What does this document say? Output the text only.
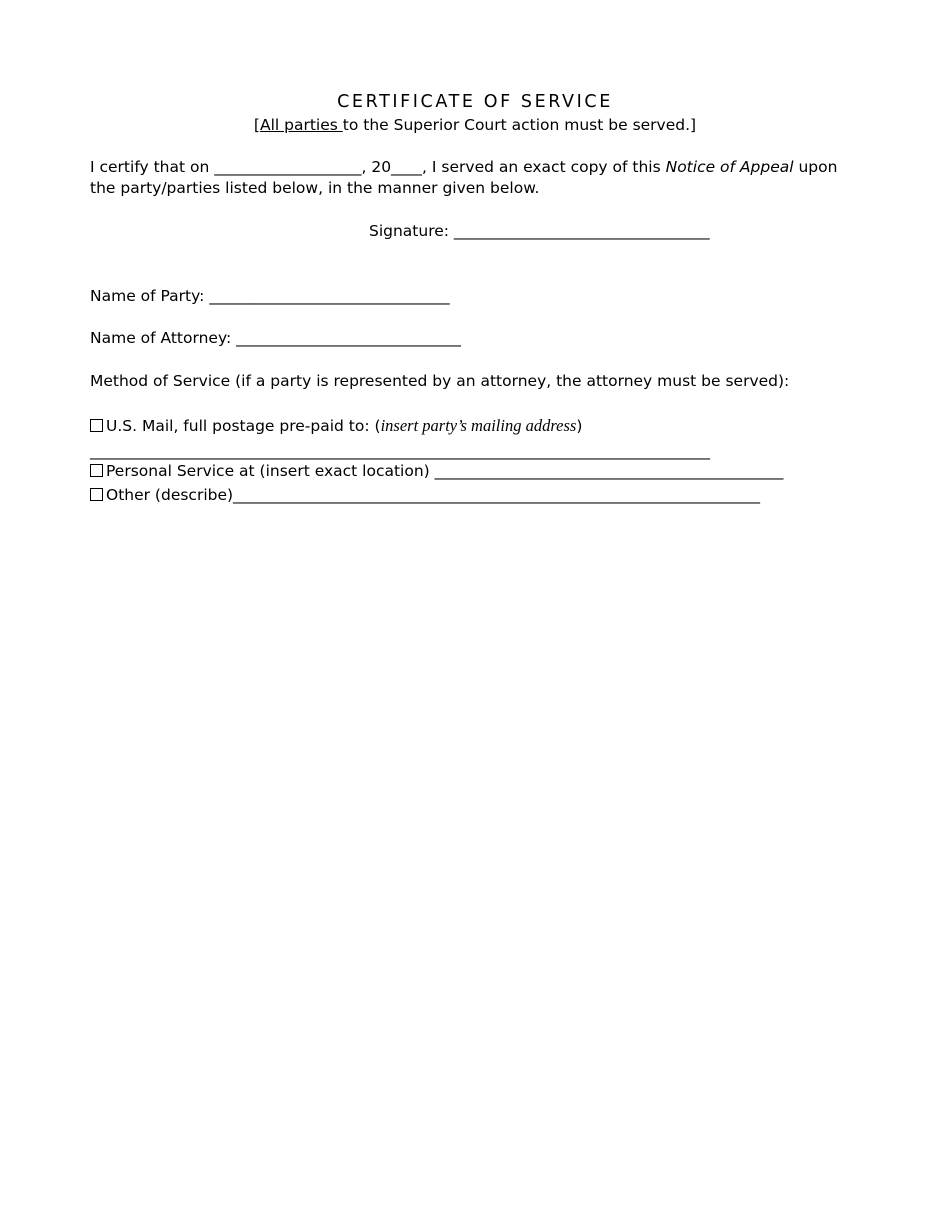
CERTIFICATE OF SERVICE
[All parties to the Superior Court action must be served.]
I certify that on ___________________, 20____, I served an exact copy of this Notice of Appeal upon
the party/parties listed below, in the manner given below.
Signature: _________________________________
Name of Party: _______________________________
Name of Attorney: _____________________________
Method of Service (if a party is represented by an attorney, the attorney must be served):
U.S. Mail, full postage pre-paid to: (insert party’s mailing address)
________________________________________________________________________________
Personal Service at (insert exact location) _____________________________________________
Other (describe)____________________________________________________________________
